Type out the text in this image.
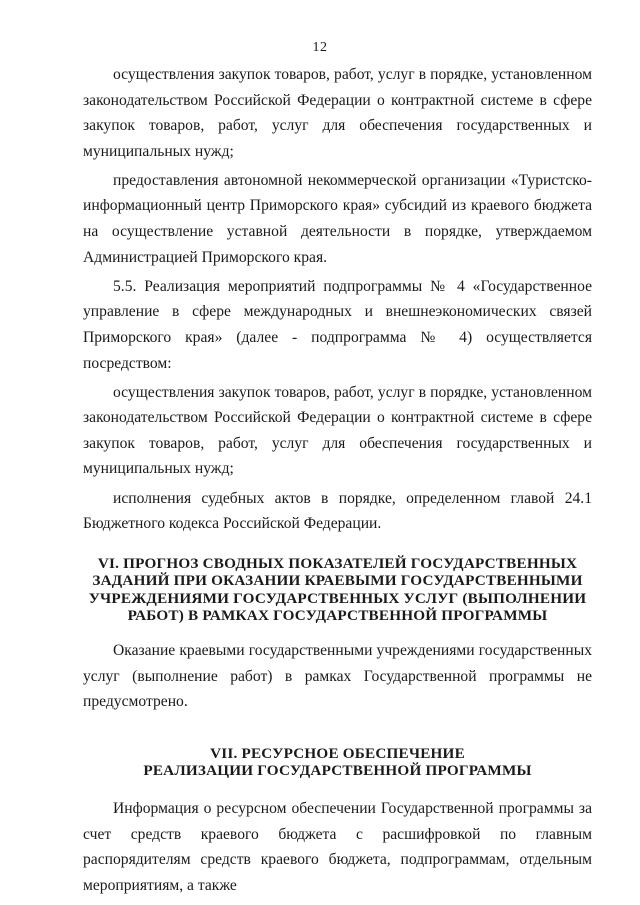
12

осуществления закупок товаров, работ, услуг в порядке, установленном законодательством Российской Федерации о контрактной системе в сфере закупок товаров, работ, услуг для обеспечения государственных и муниципальных нужд;

предоставления автономной некоммерческой организации «Туристско-информационный центр Приморского края» субсидий из краевого бюджета на осуществление уставной деятельности в порядке, утверждаемом Администрацией Приморского края.

5.5. Реализация мероприятий подпрограммы № 4 «Государственное управление в сфере международных и внешнеэкономических связей Приморского края» (далее - подпрограмма № 4) осуществляется посредством:

осуществления закупок товаров, работ, услуг в порядке, установленном законодательством Российской Федерации о контрактной системе в сфере закупок товаров, работ, услуг для обеспечения государственных и муниципальных нужд;

исполнения судебных актов в порядке, определенном главой 24.1 Бюджетного кодекса Российской Федерации.

VI. ПРОГНОЗ СВОДНЫХ ПОКАЗАТЕЛЕЙ ГОСУДАРСТВЕННЫХ
ЗАДАНИЙ ПРИ ОКАЗАНИИ КРАЕВЫМИ ГОСУДАРСТВЕННЫМИ
УЧРЕЖДЕНИЯМИ ГОСУДАРСТВЕННЫХ УСЛУГ (ВЫПОЛНЕНИИ
РАБОТ) В РАМКАХ ГОСУДАРСТВЕННОЙ ПРОГРАММЫ

Оказание краевыми государственными учреждениями государственных услуг (выполнение работ) в рамках Государственной программы не предусмотрено.

VII. РЕСУРСНОЕ ОБЕСПЕЧЕНИЕ
РЕАЛИЗАЦИИ ГОСУДАРСТВЕННОЙ ПРОГРАММЫ

Информация о ресурсном обеспечении Государственной программы за счет средств краевого бюджета с расшифровкой по главным распорядителям средств краевого бюджета, подпрограммам, отдельным мероприятиям, а также
